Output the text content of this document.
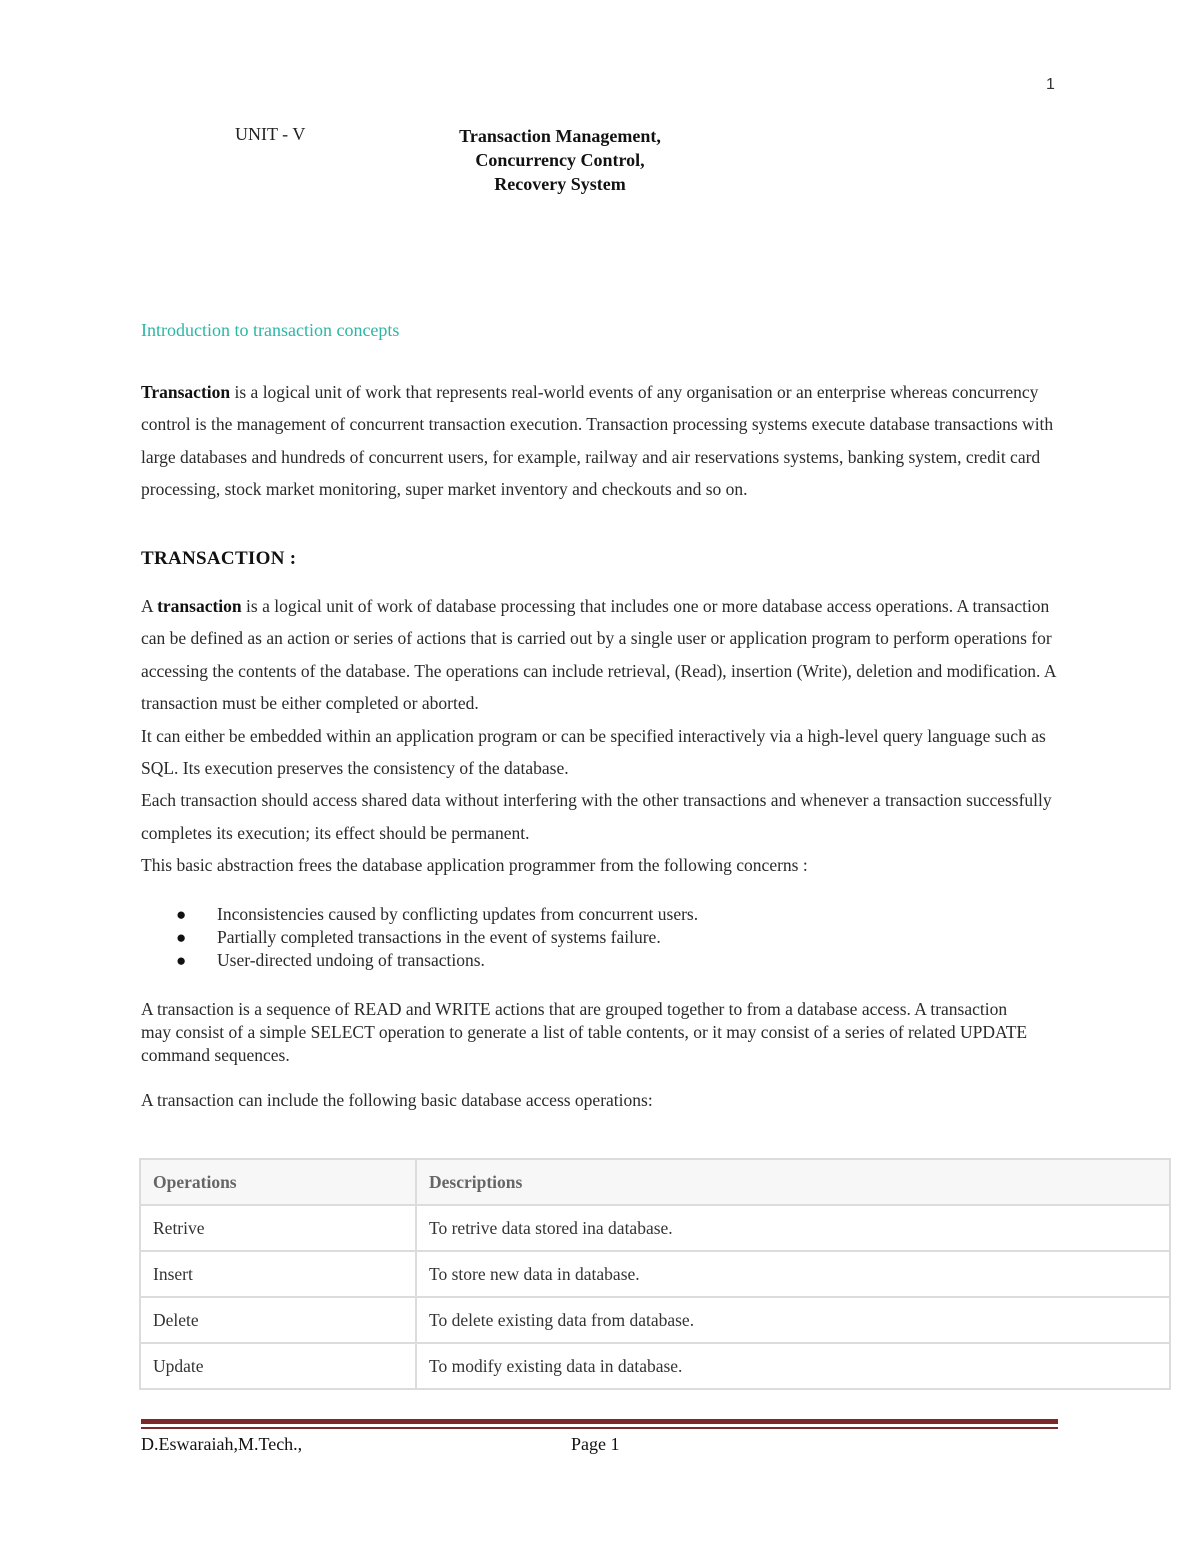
1
UNIT - V	Transaction Management,
Concurrency Control,
Recovery System
Introduction to transaction concepts
Transaction is a logical unit of work that represents real-world events of any organisation or an enterprise whereas concurrency control is the management of concurrent transaction execution. Transaction processing systems execute database transactions with large databases and hundreds of concurrent users, for example, railway and air reservations systems, banking system, credit card processing, stock market monitoring, super market inventory and checkouts and so on.
TRANSACTION :
A transaction is a logical unit of work of database processing that includes one or more database access operations. A transaction can be defined as an action or series of actions that is carried out by a single user or application program to perform operations for accessing the contents of the database. The operations can include retrieval, (Read), insertion (Write), deletion and modification. A transaction must be either completed or aborted.
It can either be embedded within an application program or can be specified interactively via a high-level query language such as SQL. Its execution preserves the consistency of the database.
Each transaction should access shared data without interfering with the other transactions and whenever a transaction successfully completes its execution; its effect should be permanent.
This basic abstraction frees the database application programmer from the following concerns :
● Inconsistencies caused by conflicting updates from concurrent users.
● Partially completed transactions in the event of systems failure.
● User-directed undoing of transactions.
A transaction is a sequence of READ and WRITE actions that are grouped together to from a database access. A transaction may consist of a simple SELECT operation to generate a list of table contents, or it may consist of a series of related UPDATE command sequences.
A transaction can include the following basic database access operations:
Operations	Descriptions
Retrive	To retrive data stored ina database.
Insert	To store new data in database.
Delete	To delete existing data from database.
Update	To modify existing data in database.
D.Eswaraiah,M.Tech.,	Page 1
